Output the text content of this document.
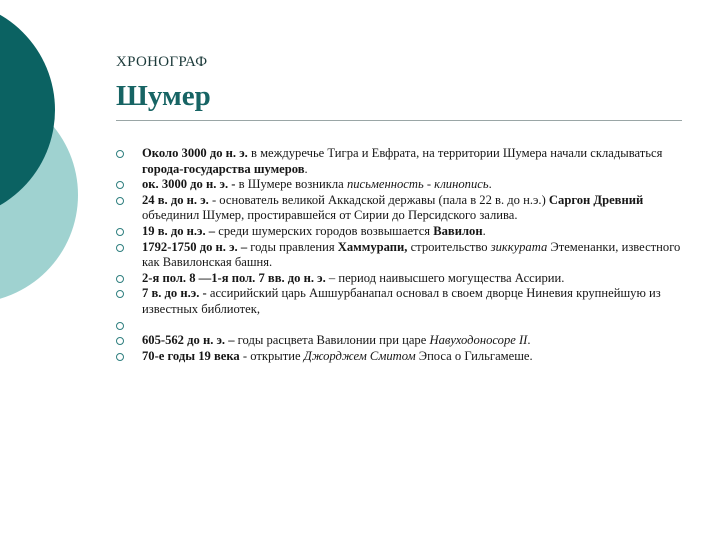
ХРОНОГРАФ
Шумер
Около 3000 до н. э. в междуречье Тигра и Евфрата, на территории Шумера начали складываться города-государства шумеров.
ок. 3000 до н. э. - в Шумере возникла письменность - клинопись.
24 в. до н. э. - основатель великой Аккадской державы (пала в 22 в. до н.э.) Саргон Древний объединил Шумер, простиравшейся от Сирии до Персидского залива.
19 в. до н.э. – среди шумерских городов возвышается Вавилон.
1792-1750 до н. э. – годы правления Хаммурапи, строительство зиккурата Этеменанки, известного как Вавилонская башня.
2-я пол. 8 —1-я пол. 7 вв. до н. э. – период наивысшего могущества Ассирии.
7 в. до н.э. - ассирийский царь Ашшурбанапал основал в своем дворце Ниневия крупнейшую из известных библиотек,
605-562 до н. э. – годы расцвета Вавилонии при царе Навуходоносоре II.
70-е годы 19 века - открытие Джорджем Смитом Эпоса о Гильгамеше.
